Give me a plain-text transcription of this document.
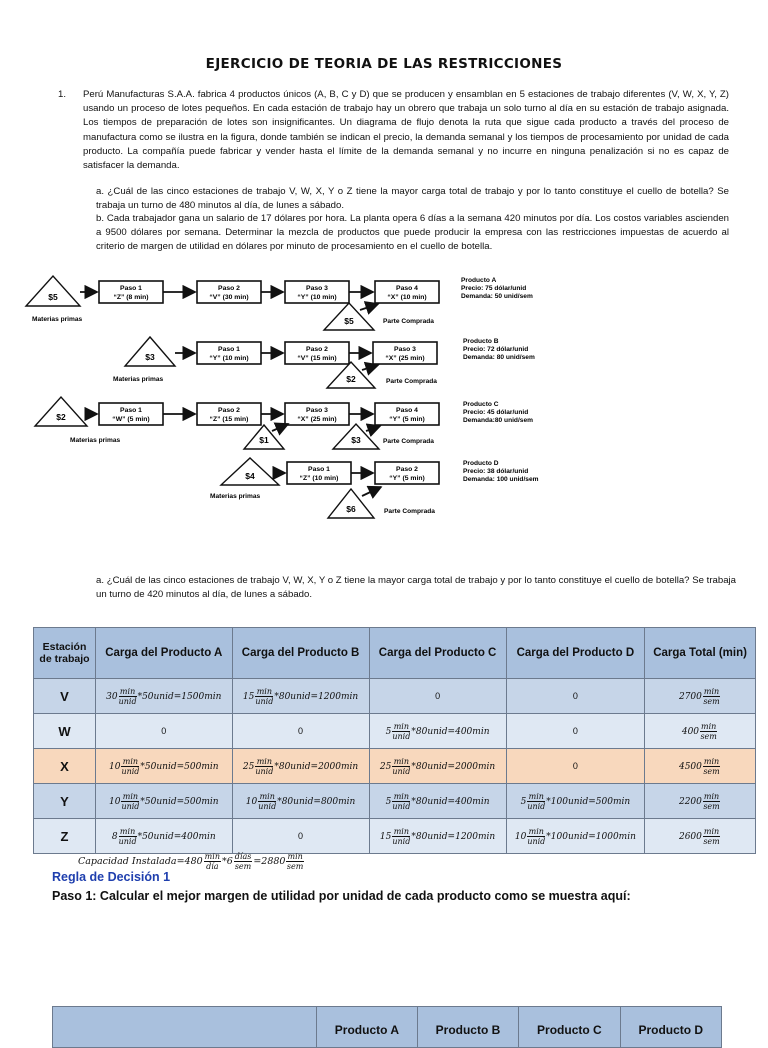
EJERCICIO DE TEORIA DE LAS RESTRICCIONES
1. Perú Manufacturas S.A.A. fabrica 4 productos únicos (A, B, C y D) que se producen y ensamblan en 5 estaciones de trabajo diferentes (V, W, X, Y, Z) usando un proceso de lotes pequeños. En cada estación de trabajo hay un obrero que trabaja un solo turno al día en su estación de trabajo asignada. Los tiempos de preparación de lotes son insignificantes. Un diagrama de flujo denota la ruta que sigue cada producto a través del proceso de manufactura como se ilustra en la figura, donde también se indican el precio, la demanda semanal y los tiempos de procesamiento por unidad de cada producto. La compañía puede fabricar y vender hasta el límite de la demanda semanal y no incurre en ninguna penalización si no es capaz de satisfacer la demanda.
a. ¿Cuál de las cinco estaciones de trabajo V, W, X, Y o Z tiene la mayor carga total de trabajo y por lo tanto constituye el cuello de botella? Se trabaja un turno de 480 minutos al día, de lunes a sábado.
b. Cada trabajador gana un salario de 17 dólares por hora. La planta opera 6 días a la semana 420 minutos por día. Los costos variables ascienden a 9500 dólares por semana. Determinar la mezcla de productos que puede producir la empresa con las restricciones impuestas de acuerdo al criterio de margen de utilidad en dólares por minuto de procesamiento en el cuello de botella.
$5
Materias primas
Paso 1
“Z” (8 min)
Paso 2
“V” (30 min)
Paso 3
“Y” (10 min)
Paso 4
“X” (10 min)
$5	Parte Comprada
Producto A
Precio: 75 dólar/unid
Demanda: 50 unid/sem
$3
Materias primas
Paso 1
“Y” (10 min)
Paso 2
“V” (15 min)
Paso 3
“X” (25 min)
$2	Parte Comprada
Producto B
Precio: 72 dólar/unid
Demanda: 80 unid/sem
$2
Materias primas
Paso 1
“W” (5 min)
Paso 2
“Z” (15 min)
Paso 3
“X” (25 min)
Paso 4
“Y” (5 min)
$1	$3	Parte Comprada
Producto C
Precio: 45 dólar/unid
Demanda:80 unid/sem
$4
Materias primas
Paso 1
“Z” (10 min)
Paso 2
“Y” (5 min)
$6	Parte Comprada
Producto D
Precio: 38 dólar/unid
Demanda: 100 unid/sem
a. ¿Cuál de las cinco estaciones de trabajo V, W, X, Y o Z tiene la mayor carga total de trabajo y por lo tanto constituye el cuello de botella? Se trabaja un turno de 420 minutos al día, de lunes a sábado.
Estación de trabajo	Carga del Producto A	Carga del Producto B	Carga del Producto C	Carga del Producto D	Carga Total (min)
V	$30 \frac{\min}{\text{unid}}$ *50unid=1500min	$15 \frac{\min}{\text{unid}}$ *80unid=1200min	0	0	$2700 \frac{\min}{\text{sem}}$

W	0	0	$5 \frac{\min}{\text{unid}}$ *80unid=400min	0	$400 \frac{\min}{\text{sem}}$

X	$10 \frac{\min}{\text{unid}}$ *50unid=500min	$25 \frac{\min}{\text{unid}}$ *80unid=2000min	$25 \frac{\min}{\text{unid}}$ *80unid=2000min	0	$4500 \frac{\min}{\text{sem}}$

Y	$10 \frac{\min}{\text{unid}}$ *50unid=500min	$10 \frac{\min}{\text{unid}}$ *80unid=800min	$5 \frac{\min}{\text{unid}}$ *80unid=400min	$5 \frac{\min}{\text{unid}}$ *100unid=500min	$2200 \frac{\min}{\text{sem}}$

Z	$8 \frac{\min}{\text{unid}}$ *50unid=400min	0	$15 \frac{\min}{\text{unid}}$ *80unid=1200min	$10 \frac{\min}{\text{unid}}$ *100unid=1000min	$2600 \frac{\min}{\text{sem}}$
Capacidad Instalada=480 $\frac{\min}{\text{día}} *6 \frac{\text{días}}{\text{sem}} =2880 \frac{\min}{\text{sem}}$
Regla de Decisión 1
Paso 1: Calcular el mejor margen de utilidad por unidad de cada producto como se muestra aquí:
	Producto A	Producto B	Producto C	Producto D
